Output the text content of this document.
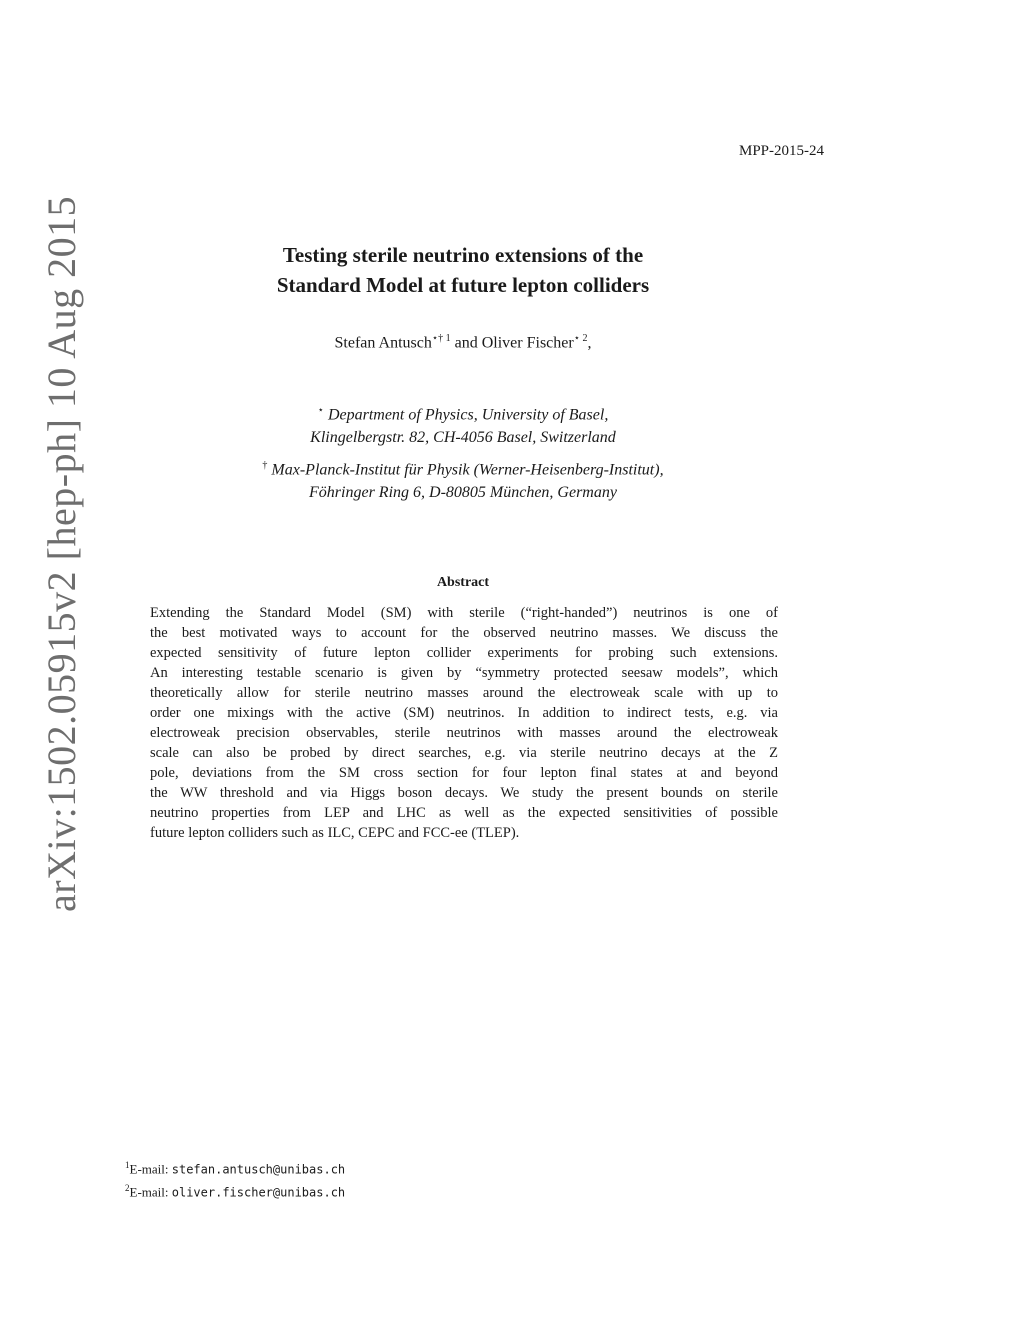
MPP-2015-24
arXiv:1502.05915v2 [hep-ph] 10 Aug 2015	Testing sterile neutrino extensions of the
Standard Model at future lepton colliders
Stefan Antusch$^{⋆\dagger 1}$ and Oliver Fischer$^{⋆ 2}$,
⋆ Department of Physics, University of Basel,
Klingelbergstr. 82, CH-4056 Basel, Switzerland
† Max-Planck-Institut für Physik (Werner-Heisenberg-Institut),
Föhringer Ring 6, D-80805 München, Germany
Abstract
Extending the Standard Model (SM) with sterile (“right-handed”) neutrinos is one of
the best motivated ways to account for the observed neutrino masses. We discuss the
expected sensitivity of future lepton collider experiments for probing such extensions.
An interesting testable scenario is given by “symmetry protected seesaw models”, which
theoretically allow for sterile neutrino masses around the electroweak scale with up to
order one mixings with the active (SM) neutrinos. In addition to indirect tests, e.g. via
electroweak precision observables, sterile neutrinos with masses around the electroweak
scale can also be probed by direct searches, e.g. via sterile neutrino decays at the Z
pole, deviations from the SM cross section for four lepton final states at and beyond
the WW threshold and via Higgs boson decays. We study the present bounds on sterile
neutrino properties from LEP and LHC as well as the expected sensitivities of possible
future lepton colliders such as ILC, CEPC and FCC-ee (TLEP).
$^1$E-mail: stefan.antusch@unibas.ch
$^2$E-mail: oliver.fischer@unibas.ch
